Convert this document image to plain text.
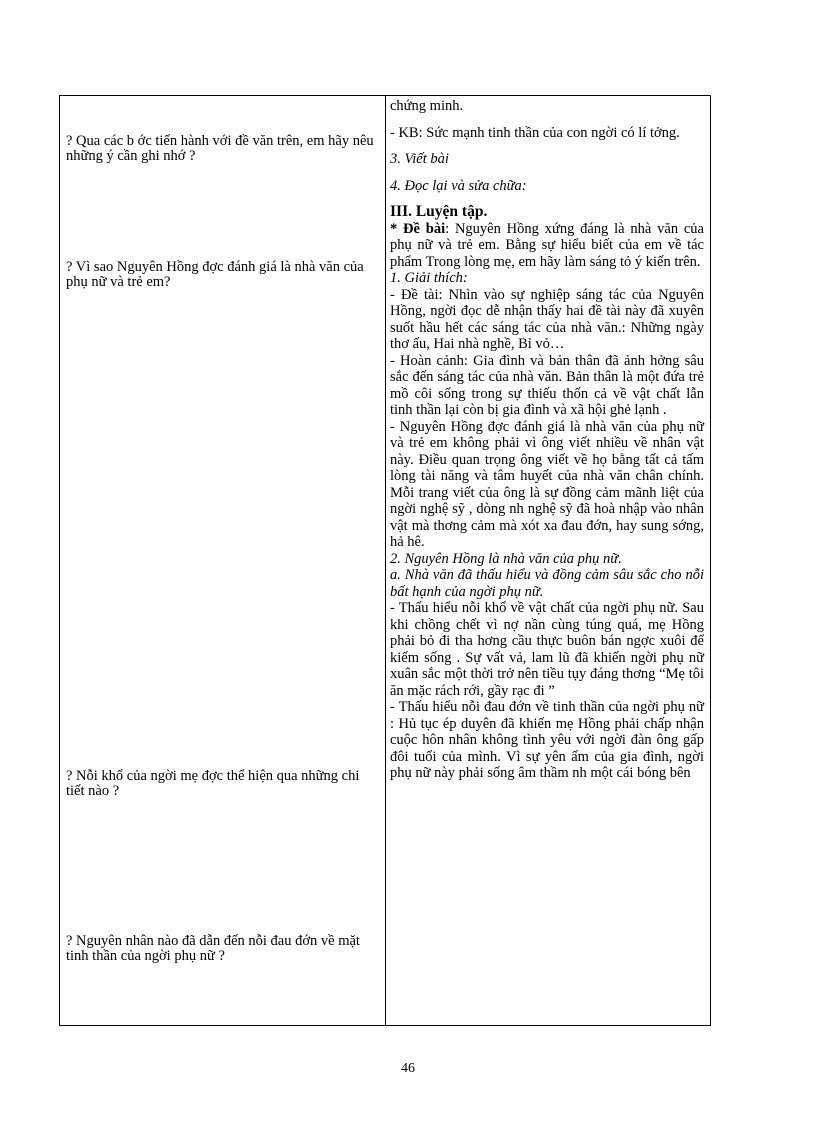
? Qua các b ớc tiến hành với đề văn trên, em hãy nêu những ý cần ghi nhớ ?
? Vì sao Nguyên Hồng đợc đánh giá là nhà văn của phụ nữ và trẻ em?
? Nỗi khổ của ngời mẹ đợc thể hiện qua những chi tiết nào ?
? Nguyên nhân nào đã dẫn đến nỗi đau đớn về mặt tinh thần của ngời phụ nữ ?

chứng minh.

- KB: Sức mạnh tinh thần của con ngời có lí tởng.

3. Viết bài

4. Đọc lại và sửa chữa:

III. Luyện tập.

* Đề bài: Nguyên Hồng xứng đáng là nhà văn của phụ nữ và trẻ em. Bằng sự hiểu biết của em về tác phẩm Trong lòng mẹ, em hãy làm sáng tỏ ý kiến trên.

1. Giải thích:

- Đề tài: Nhìn vào sự nghiệp sáng tác của Nguyên Hồng, ngời đọc dễ nhận thấy hai đề tài này đã xuyên suốt hầu hết các sáng tác của nhà văn.: Những ngày thơ ấu, Hai nhà nghề, Bỉ vỏ…

- Hoàn cảnh: Gia đình và bản thân đã ảnh hởng sâu sắc đến sáng tác của nhà văn. Bản thân là một đứa trẻ mồ côi sống trong sự thiếu thốn cả về vật chất lẫn tinh thần lại còn bị gia đình và xã hội ghẻ lạnh .

- Nguyên Hồng đợc đánh giá là nhà văn của phụ nữ và trẻ em không phải vì ông viết nhiều về nhân vật này. Điều quan trọng ông viết về họ bằng tất cả tấm lòng tài năng và tâm huyết của nhà văn chân chính. Mỗi trang viết của ông là sự đồng cảm mãnh liệt của ngời nghệ sỹ , dòng nh nghệ sỹ đã hoà nhập vào nhân vật mà thơng cảm mà xót xa đau đớn, hay sung sớng, hả hê.

2. Nguyên Hồng là nhà văn của phụ nữ.

a. Nhà văn đã thấu hiểu và đồng cảm sâu sắc cho nỗi bất hạnh của ngời phụ nữ.

- Thấu hiểu nỗi khổ về vật chất của ngời phụ nữ. Sau khi chồng chết vì nợ nần cùng túng quá, mẹ Hồng phải bỏ đi tha hơng cầu thực buôn bán ngợc xuôi để kiếm sống . Sự vất vả, lam lũ đã khiến ngời phụ nữ xuân sắc một thời trở nên tiều tụy đáng thơng “Mẹ tôi ăn mặc rách rới, gầy rạc đi ”

- Thấu hiểu nỗi đau đớn về tinh thần của ngời phụ nữ : Hủ tục ép duyên đã khiến mẹ Hồng phải chấp nhận cuộc hôn nhân không tình yêu với ngời đàn ông gấp đôi tuổi của mình. Vì sự yên ấm của gia đình, ngời phụ nữ này phải sống âm thầm nh một cái bóng bên

46
